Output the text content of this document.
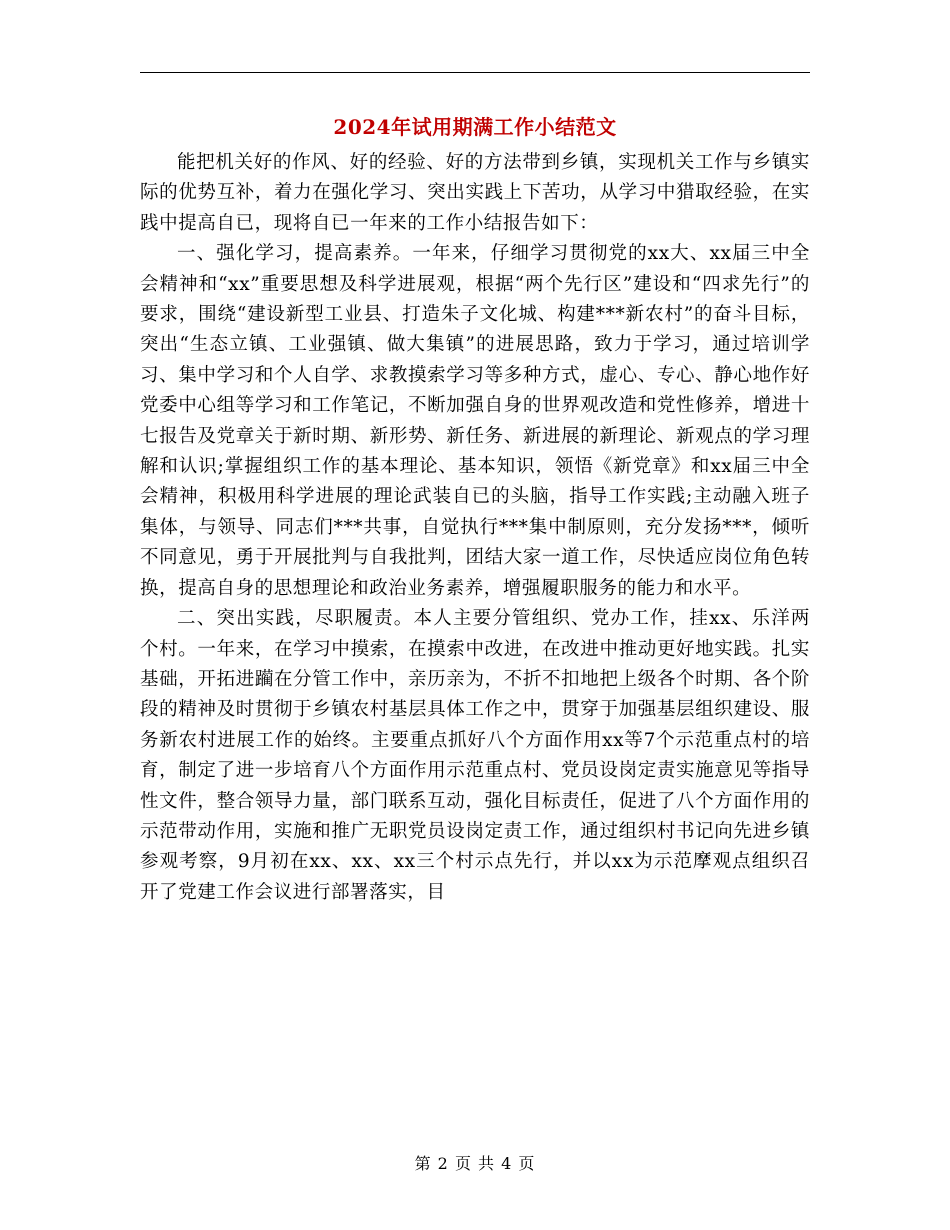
2024年试用期满工作小结范文

能把机关好的作风、好的经验、好的方法带到乡镇，实现机关工作与乡镇实际的优势互补，着力在强化学习、突出实践上下苦功，从学习中猎取经验，在实践中提高自已，现将自已一年来的工作小结报告如下：

一、强化学习，提高素养。一年来，仔细学习贯彻党的xx大、xx届三中全会精神和“xx”重要思想及科学进展观，根据“两个先行区”建设和“四求先行”的要求，围绕“建设新型工业县、打造朱子文化城、构建***新农村”的奋斗目标，突出“生态立镇、工业强镇、做大集镇”的进展思路，致力于学习，通过培训学习、集中学习和个人自学、求教摸索学习等多种方式，虚心、专心、静心地作好党委中心组等学习和工作笔记，不断加强自身的世界观改造和党性修养，增进十七报告及党章关于新时期、新形势、新任务、新进展的新理论、新观点的学习理解和认识;掌握组织工作的基本理论、基本知识，领悟《新党章》和xx届三中全会精神，积极用科学进展的理论武装自已的头脑，指导工作实践;主动融入班子集体，与领导、同志们***共事，自觉执行***集中制原则，充分发扬***，倾听不同意见，勇于开展批判与自我批判，团结大家一道工作，尽快适应岗位角色转换，提高自身的思想理论和政治业务素养，增强履职服务的能力和水平。

二、突出实践，尽职履责。本人主要分管组织、党办工作，挂xx、乐洋两个村。一年来，在学习中摸索，在摸索中改进，在改进中推动更好地实践。扎实基础，开拓进躏在分管工作中，亲历亲为，不折不扣地把上级各个时期、各个阶段的精神及时贯彻于乡镇农村基层具体工作之中，贯穿于加强基层组织建设、服务新农村进展工作的始终。主要重点抓好八个方面作用xx等7个示范重点村的培育，制定了进一步培育八个方面作用示范重点村、党员设岗定责实施意见等指导性文件，整合领导力量，部门联系互动，强化目标责任，促进了八个方面作用的示范带动作用，实施和推广无职党员设岗定责工作，通过组织村书记向先进乡镇参观考察，9月初在xx、xx、xx三个村示点先行，并以xx为示范摩观点组织召开了党建工作会议进行部署落实，目

第 2 页 共 4 页
